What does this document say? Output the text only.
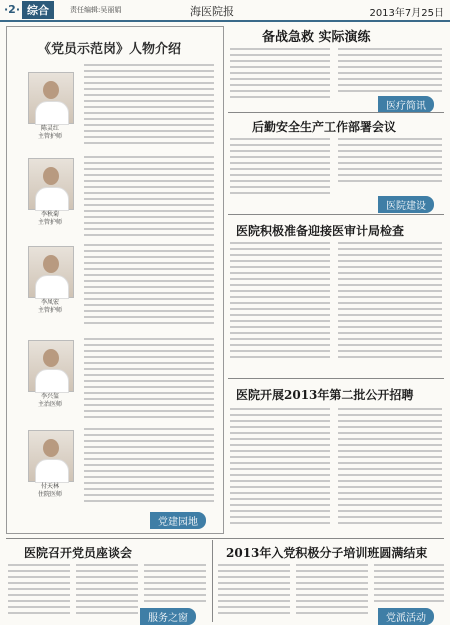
·2· 综合	责任编辑:吴丽娟	海医院报	2013年7月25日
《党员示范岗》人物介绍
陈灵红
主管护师
李秋菊
主管护师
李凤宏
主管护师
李兴玺
主治医师
付天林
住院医师
党建园地
备战急救 实际演练
医疗简讯
后勤安全生产工作部署会议
医院建设
医院积极准备迎接医审计局检查
医院开展2013年第二批公开招聘
医院召开党员座谈会
服务之窗
2013年入党积极分子培训班圆满结束
党派活动
